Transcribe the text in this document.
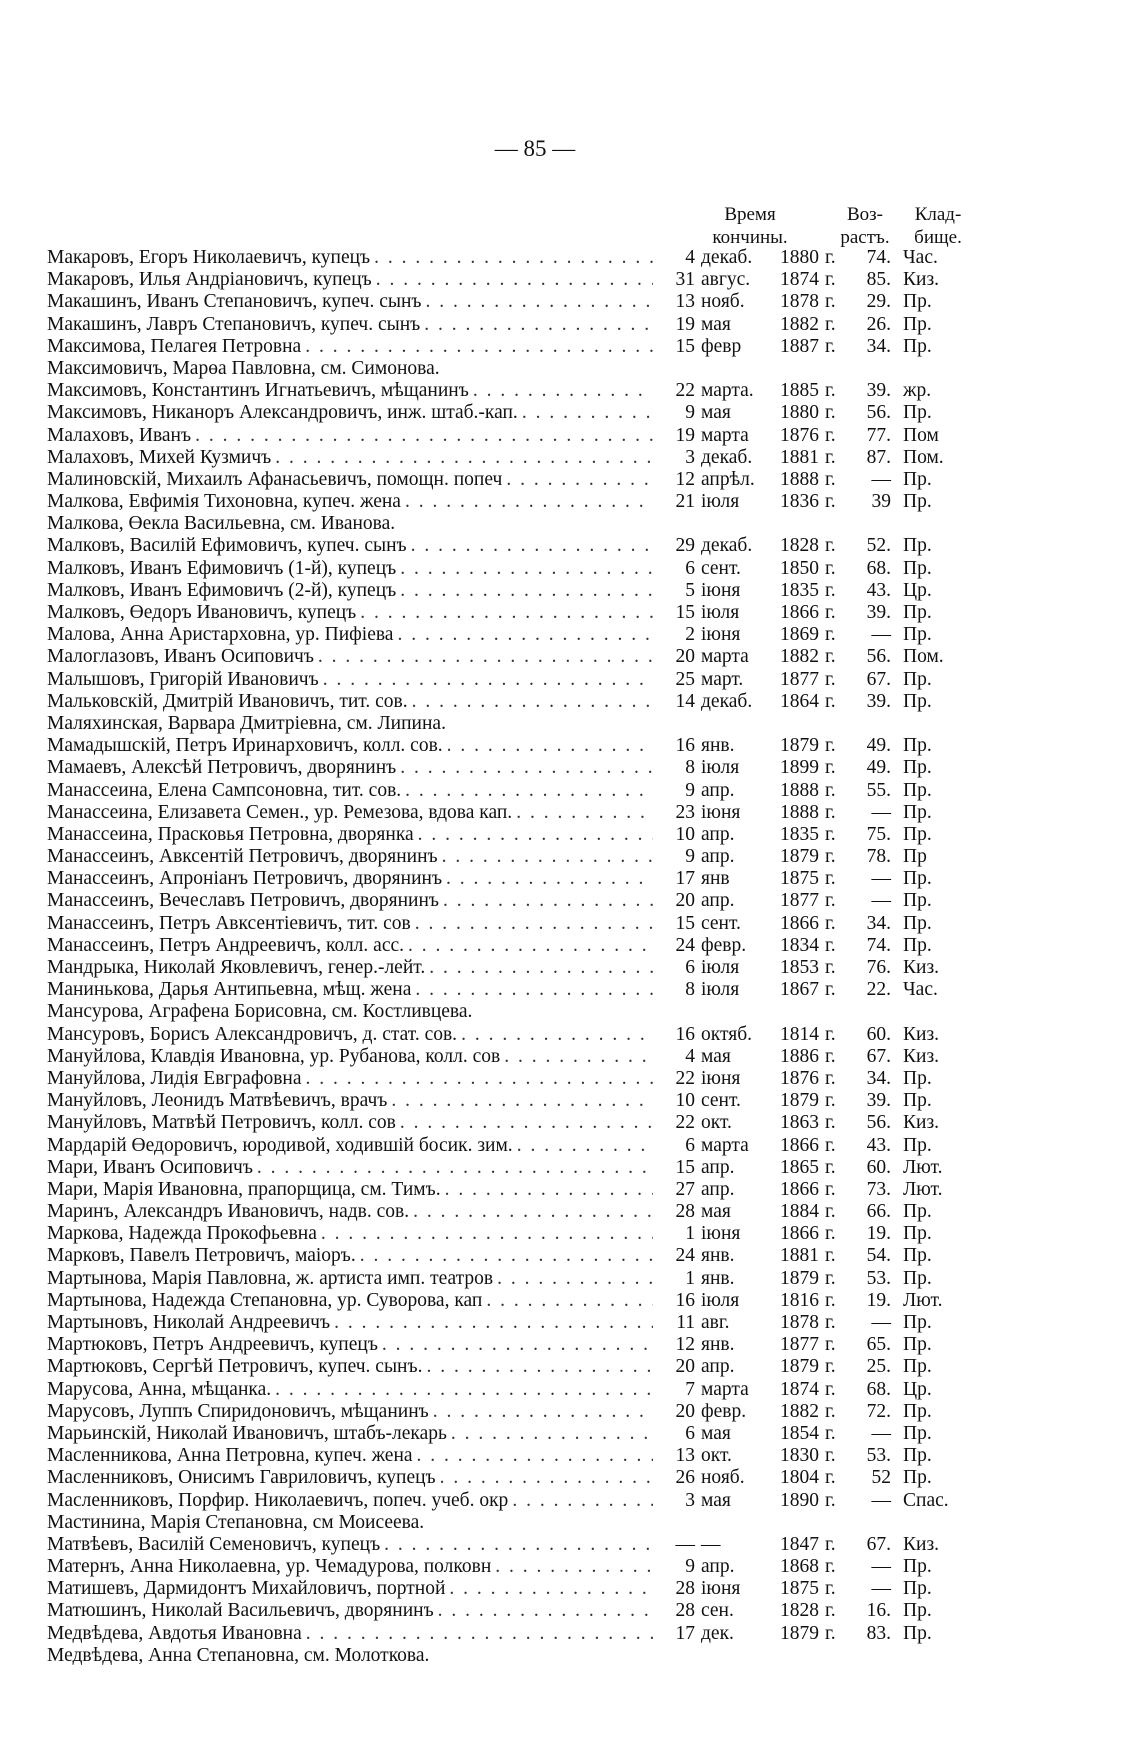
— 85 —
Время
кончины.
Воз-
растъ.
Клад-
бище.
Макаровъ, Егоръ Николаевичъ, купецъ . . .	4 декаб.	1880 г.	74. Час.
Макаровъ, Илья Андріановичъ, купецъ . . .	31 авгус.	1874 г.	85. Киз.
Макашинъ, Иванъ Степановичъ, купеч. сынъ . . .	13 нояб.	1878 г.	29. Пр.
Макашинъ, Лавръ Степановичъ, купеч. сынъ . . .	19 мая	1882 г.	26. Пр.
Максимова, Пелагея Петровна . . .	15 февр	1887 г.	34. Пр.
Максимовичъ, Марөа Павловна, см. Симонова.
Максимовъ, Константинъ Игнатьевичъ, мѣщанинъ . . .	22 марта.	1885 г.	39. жр.
Максимовъ, Никаноръ Александровичъ, инж. штаб.-кап. . . .	9 мая	1880 г.	56. Пр.
Малаховъ, Иванъ . . .	19 марта	1876 г.	77. Пом
Малаховъ, Михей Кузмичъ . . .	3 декаб.	1881 г.	87. Пом.
Малиновскій, Михаилъ Афанасьевичъ, помощн. попеч . . .	12 апрѣл.	1888 г.	— Пр.
Малкова, Евфимія Тихоновна, купеч. жена . . .	21 іюля	1836 г.	39 Пр.
Малкова, Өекла Васильевна, см. Иванова.
Малковъ, Василій Ефимовичъ, купеч. сынъ . . .	29 декаб.	1828 г.	52. Пр.
Малковъ, Иванъ Ефимовичъ (1-й), купецъ . . .	6 сент.	1850 г.	68. Пр.
Малковъ, Иванъ Ефимовичъ (2-й), купецъ . . .	5 іюня	1835 г.	43. Цр.
Малковъ, Өедоръ Ивановичъ, купецъ . . .	15 іюля	1866 г.	39. Пр.
Малова, Анна Аристарховна, ур. Пифіева . . .	2 іюня	1869 г.	— Пр.
Малоглазовъ, Иванъ Осиповичъ . . .	20 марта	1882 г.	56. Пом.
Малышовъ, Григорій Ивановичъ . . .	25 март.	1877 г.	67. Пр.
Мальковскій, Дмитрій Ивановичъ, тит. сов. . . .	14 декаб.	1864 г.	39. Пр.
Маляхинская, Варвара Дмитріевна, см. Липина.
Мамадышскій, Петръ Иринарховичъ, колл. сов. . . .	16 янв.	1879 г.	49. Пр.
Мамаевъ, Алексѣй Петровичъ, дворянинъ . . .	8 іюля	1899 г.	49. Пр.
Манассеина, Елена Сампсоновна, тит. сов. . . .	9 апр.	1888 г.	55. Пр.
Манассеина, Елизавета Семен., ур. Ремезова, вдова кап. . . .	23 іюня	1888 г.	— Пр.
Манассеина, Прасковья Петровна, дворянка . . .	10 апр.	1835 г.	75. Пр.
Манассеинъ, Авксентій Петровичъ, дворянинъ . . .	9 апр.	1879 г.	78. Пр
Манассеинъ, Апроніанъ Петровичъ, дворянинъ . . .	17 янв	1875 г.	— Пр.
Манассеинъ, Вечеславъ Петровичъ, дворянинъ . . .	20 апр.	1877 г.	— Пр.
Манассеинъ, Петръ Авксентіевичъ, тит. сов . . .	15 сент.	1866 г.	34. Пр.
Манассеинъ, Петръ Андреевичъ, колл. асс. . . .	24 февр.	1834 г.	74. Пр.
Мандрыка, Николай Яковлевичъ, генер.-лейт. . . .	6 іюля	1853 г.	76. Киз.
Манинькова, Дарья Антипьевна, мѣщ. жена . . .	8 іюля	1867 г.	22. Час.
Мансурова, Аграфена Борисовна, см. Костливцева.
Мансуровъ, Борисъ Александровичъ, д. стат. сов. . . .	16 октяб.	1814 г.	60. Киз.
Мануйлова, Клавдія Ивановна, ур. Рубанова, колл. сов . . .	4 мая	1886 г.	67. Киз.
Мануйлова, Лидія Евграфовна . . .	22 іюня	1876 г.	34. Пр.
Мануйловъ, Леонидъ Матвѣевичъ, врачъ . . .	10 сент.	1879 г.	39. Пр.
Мануйловъ, Матвѣй Петровичъ, колл. сов . . .	22 окт.	1863 г.	56. Киз.
Мардарій Өедоровичъ, юродивой, ходившій босик. зим. . . .	6 марта	1866 г.	43. Пр.
Мари, Иванъ Осиповичъ . . .	15 апр.	1865 г.	60. Лют.
Мари, Марія Ивановна, прапорщица, см. Тимъ. . . .	27 апр.	1866 г.	73. Лют.
Маринъ, Александръ Ивановичъ, надв. сов. . . .	28 мая	1884 г.	66. Пр.
Маркова, Надежда Прокофьевна . . .	1 іюня	1866 г.	19. Пр.
Марковъ, Павелъ Петровичъ, маіоръ. . . .	24 янв.	1881 г.	54. Пр.
Мартынова, Марія Павловна, ж. артиста имп. театров . . .	1 янв.	1879 г.	53. Пр.
Мартынова, Надежда Степановна, ур. Суворова, кап . . .	16 іюля	1816 г.	19. Лют.
Мартыновъ, Николай Андреевичъ . . .	11 авг.	1878 г.	— Пр.
Мартюковъ, Петръ Андреевичъ, купецъ . . .	12 янв.	1877 г.	65. Пр.
Мартюковъ, Сергѣй Петровичъ, купеч. сынъ. . . .	20 апр.	1879 г.	25. Пр.
Марусова, Анна, мѣщанка. . . .	7 марта	1874 г.	68. Цр.
Марусовъ, Луппъ Спиридоновичъ, мѣщанинъ . . .	20 февр.	1882 г.	72. Пр.
Марьинскій, Николай Ивановичъ, штабъ-лекарь . . .	6 мая	1854 г.	— Пр.
Масленникова, Анна Петровна, купеч. жена . . .	13 окт.	1830 г.	53. Пр.
Масленниковъ, Онисимъ Гавриловичъ, купецъ . . .	26 нояб.	1804 г.	52 Пр.
Масленниковъ, Порфир. Николаевичъ, попеч. учеб. окр . . .	3 мая	1890 г.	— Спас.
Мастинина, Марія Степановна, см Моисеева.
Матвѣевъ, Василій Семеновичъ, купецъ . . .	— —	1847 г.	67. Киз.
Матернъ, Анна Николаевна, ур. Чемадурова, полковн . . .	9 апр.	1868 г.	— Пр.
Матишевъ, Дармидонтъ Михайловичъ, портной . . .	28 іюня	1875 г.	— Пр.
Матюшинъ, Николай Васильевичъ, дворянинъ . . .	28 сен.	1828 г.	16. Пр.
Медвѣдева, Авдотья Ивановна . . .	17 дек.	1879 г.	83. Пр.
Медвѣдева, Анна Степановна, см. Молоткова.
